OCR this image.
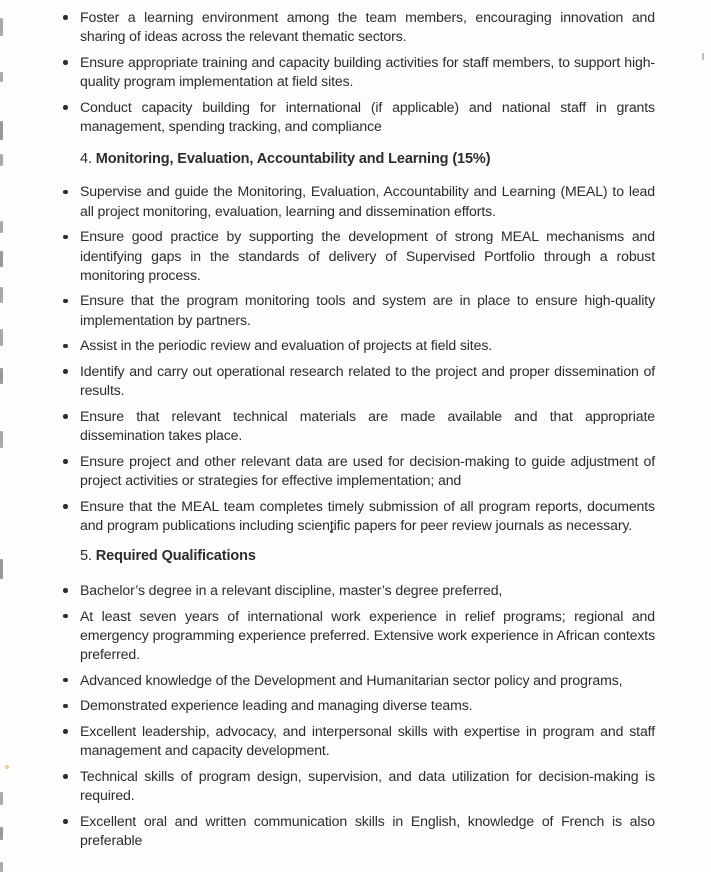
Foster a learning environment among the team members, encouraging innovation and sharing of ideas across the relevant thematic sectors.
Ensure appropriate training and capacity building activities for staff members, to support high-quality program implementation at field sites.
Conduct capacity building for international (if applicable) and national staff in grants management, spending tracking, and compliance
4. Monitoring, Evaluation, Accountability and Learning (15%)
Supervise and guide the Monitoring, Evaluation, Accountability and Learning (MEAL) to lead all project monitoring, evaluation, learning and dissemination efforts.
Ensure good practice by supporting the development of strong MEAL mechanisms and identifying gaps in the standards of delivery of Supervised Portfolio through a robust monitoring process.
Ensure that the program monitoring tools and system are in place to ensure high-quality implementation by partners.
Assist in the periodic review and evaluation of projects at field sites.
Identify and carry out operational research related to the project and proper dissemination of results.
Ensure that relevant technical materials are made available and that appropriate dissemination takes place.
Ensure project and other relevant data are used for decision-making to guide adjustment of project activities or strategies for effective implementation; and
Ensure that the MEAL team completes timely submission of all program reports, documents and program publications including scientific papers for peer review journals as necessary.
5. Required Qualifications
Bachelor’s degree in a relevant discipline, master’s degree preferred,
At least seven years of international work experience in relief programs; regional and emergency programming experience preferred. Extensive work experience in African contexts preferred.
Advanced knowledge of the Development and Humanitarian sector policy and programs,
Demonstrated experience leading and managing diverse teams.
Excellent leadership, advocacy, and interpersonal skills with expertise in program and staff management and capacity development.
Technical skills of program design, supervision, and data utilization for decision-making is required.
Excellent oral and written communication skills in English, knowledge of French is also preferable
